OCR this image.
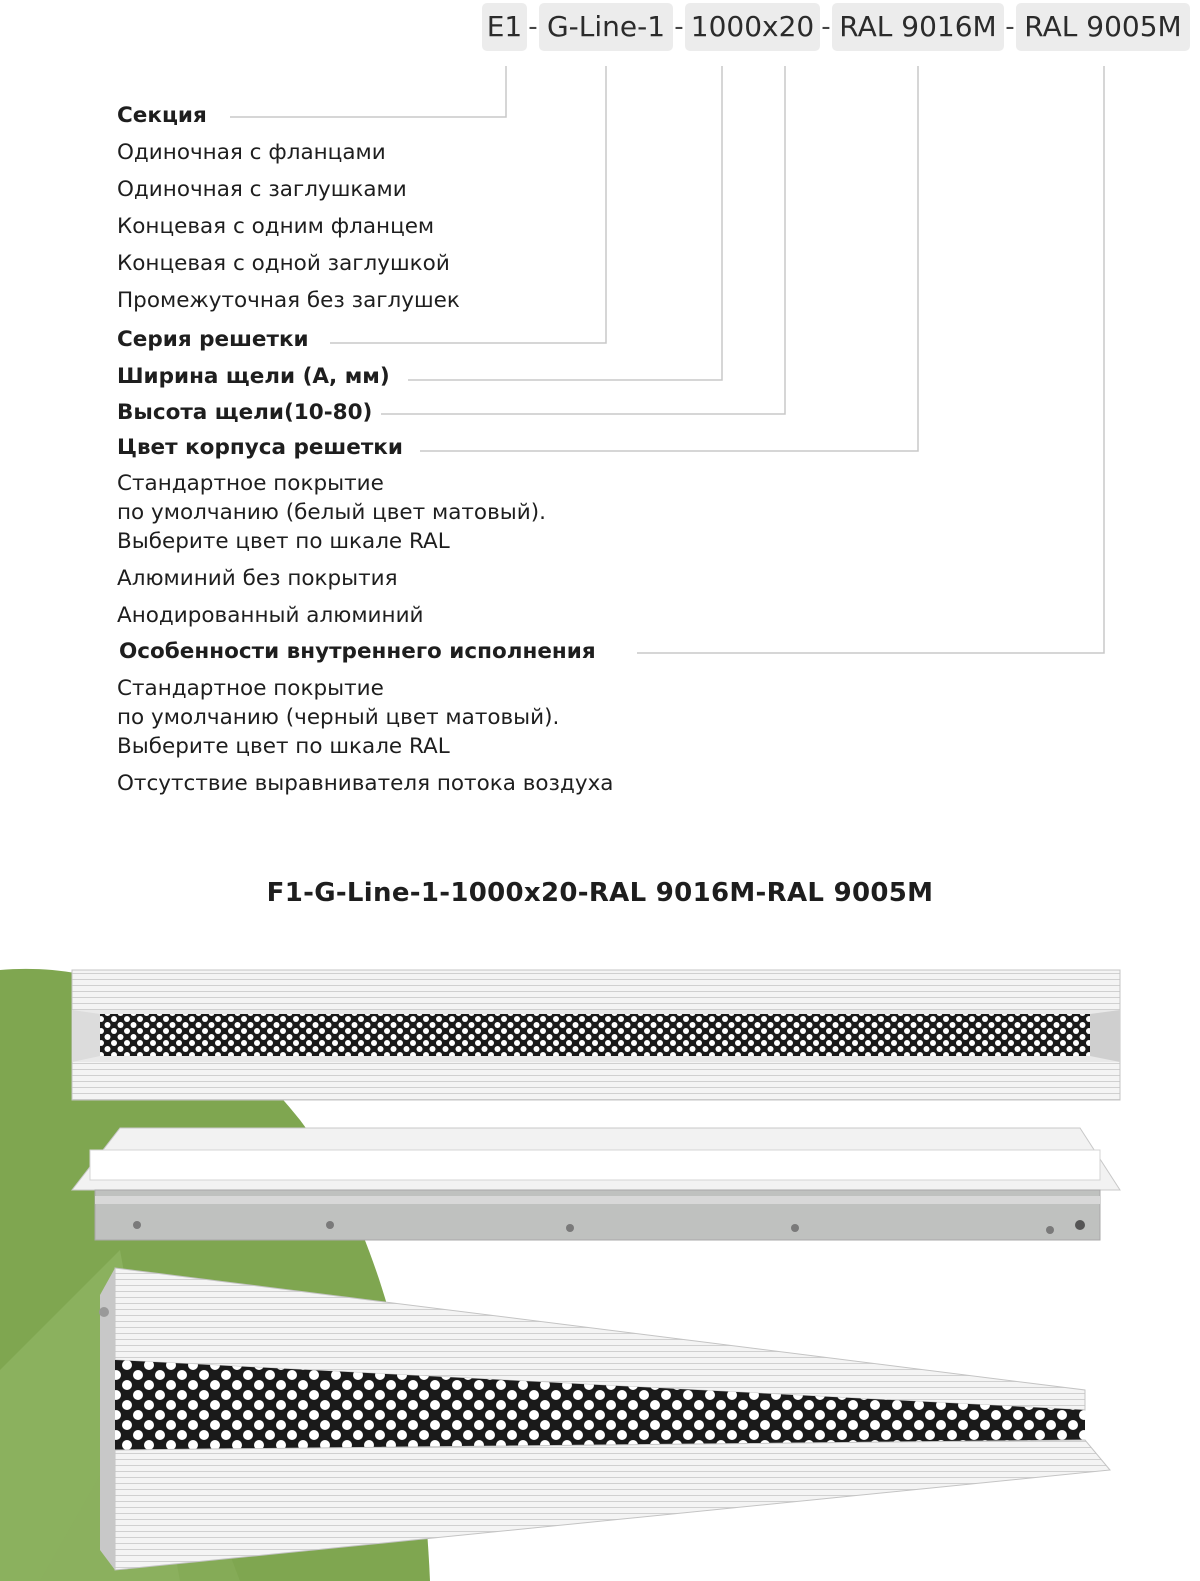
E1 - G-Line-1 - 1000x20 - RAL 9016M - RAL 9005M
Секция
Одиночная с фланцами
Одиночная с заглушками
Концевая с одним фланцем
Концевая с одной заглушкой
Промежуточная без заглушек
Серия решетки
Ширина щели (А, мм)
Высота щели(10-80)
Цвет корпуса решетки
Стандартное покрытие
по умолчанию (белый цвет матовый).
Выберите цвет по шкале RAL
Алюминий без покрытия
Анодированный алюминий
Особенности внутреннего исполнения
Стандартное покрытие
по умолчанию (черный цвет матовый).
Выберите цвет по шкале RAL
Отсутствие выравнивателя потока воздуха
F1-G-Line-1-1000x20-RAL 9016M-RAL 9005M
